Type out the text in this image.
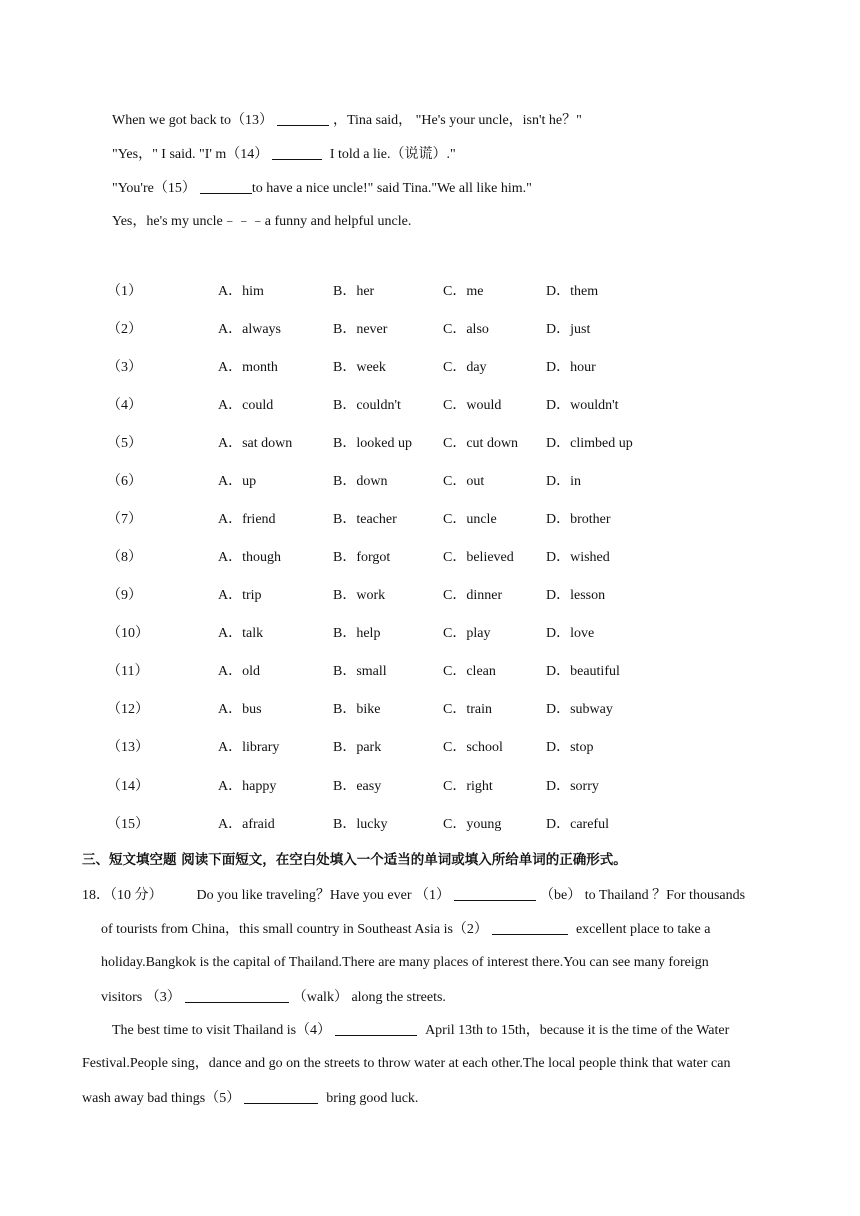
When we got back to（13）	，Tina said， "He's your uncle，isn't he？"
"Yes，" I said. "I' m（14）	I told a lie.（说谎）."
"You're（15）	to have a nice uncle!" said Tina."We all like him."
Yes，he's my uncle﹣﹣﹣a funny and helpful uncle.
（1）	A．him	B．her	C．me	D．them
（2）	A．always	B．never	C．also	D．just
（3）	A．month	B．week	C．day	D．hour
（4）	A．could	B．couldn't	C．would	D．wouldn't
（5）	A．sat down	B．looked up C．cut down D．climbed up
（6）	A．up	B．down	C．out	D．in
（7）	A．friend	B．teacher	C．uncle	D．brother
（8）	A．though	B．forgot	C．believed D．wished
（9）	A．trip	B．work	C．dinner	D．lesson
（10）	A．talk	B．help	C．play	D．love
（11）	A．old	B．small	C．clean	D．beautiful
（12）	A．bus	B．bike	C．train	D．subway
（13）	A．library	B．park	C．school	D．stop
（14）	A．happy	B．easy	C．right	D．sorry
（15）	A．afraid	B．lucky	C．young	D．careful
三、短文填空题 阅读下面短文，在空白处填入一个适当的单词或填入所给单词的正确形式。
18．（10 分） Do you like traveling？Have you ever （1）	（be） to Thailand ？For thousands
of tourists from China，this small country in Southeast Asia is（2）	excellent place to take a
holiday.Bangkok is the capital of Thailand.There are many places of interest there.You can see many foreign
visitors （3）	（walk） along the streets.
The best time to visit Thailand is（4）	April 13th to 15th，because it is the time of the Water
Festival.People sing，dance and go on the streets to throw water at each other.The local people think that water can
wash away bad things（5）	bring good luck.
